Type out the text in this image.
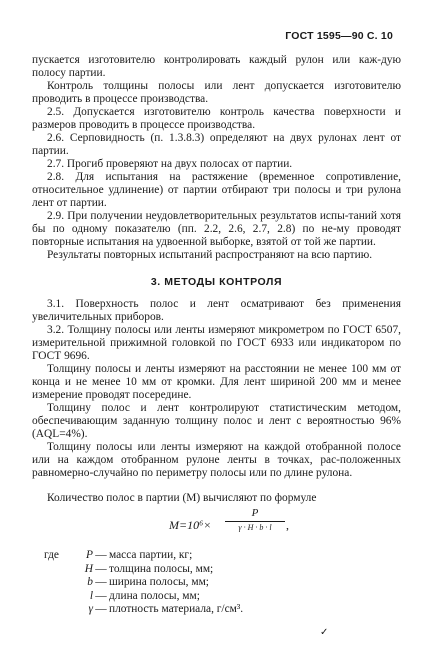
ГОСТ 1595—90 С. 10

пускается изготовителю контролировать каждый рулон или каж-дую полосу партии.

Контроль толщины полосы или лент допускается изготовителю проводить в процессе производства.

2.5. Допускается изготовителю контроль качества поверхности и размеров проводить в процессе производства.

2.6. Серповидность (п. 1.3.8.3) определяют на двух рулонах лент от партии.

2.7. Прогиб проверяют на двух полосах от партии.

2.8. Для испытания на растяжение (временное сопротивление, относительное удлинение) от партии отбирают три полосы и три рулона лент от партии.

2.9. При получении неудовлетворительных результатов испы-таний хотя бы по одному показателю (пп. 2.2, 2.6, 2.7, 2.8) по не-му проводят повторные испытания на удвоенной выборке, взятой от той же партии.

Результаты повторных испытаний распространяют на всю партию.

3. МЕТОДЫ КОНТРОЛЯ

3.1. Поверхность полос и лент осматривают без применения увеличительных приборов.

3.2. Толщину полосы или ленты измеряют микрометром по ГОСТ 6507, измерительной прижимной головкой по ГОСТ 6933 или индикатором по ГОСТ 9696.

Толщину полосы и ленты измеряют на расстоянии не менее 100 мм от конца и не менее 10 мм от кромки. Для лент шириной 200 мм и менее измерение проводят посередине.

Толщину полос и лент контролируют статистическим методом, обеспечивающим заданную толщину полос и лент с вероятностью 96% (AQL=4%).

Толщину полосы или ленты измеряют на каждой отобранной полосе или на каждом отобранном рулоне ленты в точках, рас-положенных равномерно-случайно по периметру полосы или по длине рулона.

Количество полос в партии (M) вычисляют по формуле

M=10⁶×
P
γ · H · b · l	,
где	P — масса партии, кг;
H — толщина полосы, мм;
b — ширина полосы, мм;
l — длина полосы, мм;
γ — плотность материала, г/см³.
✓
